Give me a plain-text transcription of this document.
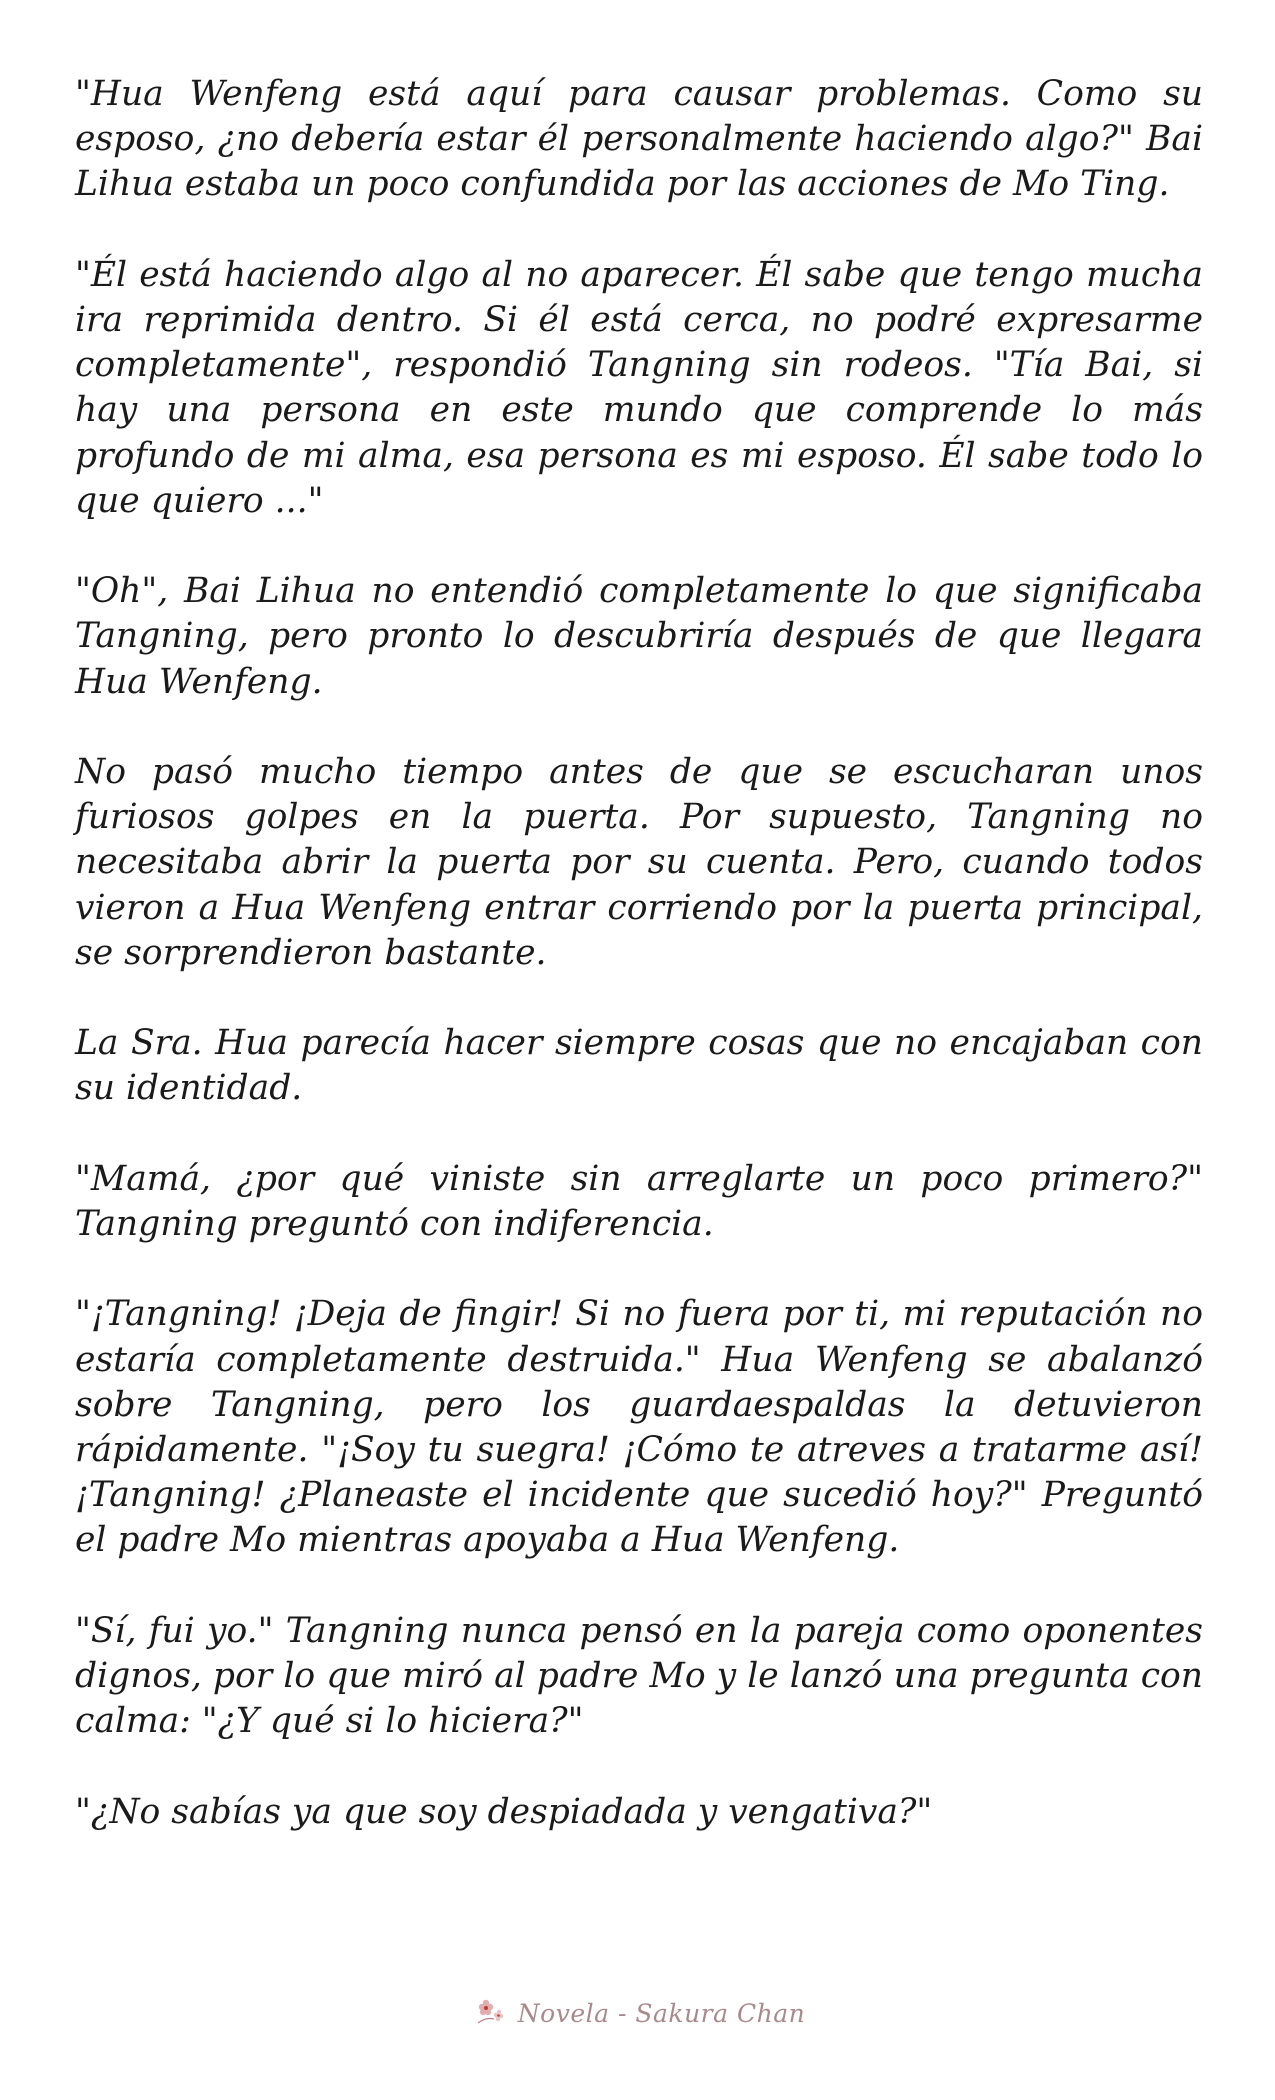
"Hua Wenfeng está aquí para causar problemas. Como su esposo, ¿no debería estar él personalmente haciendo algo?" Bai Lihua estaba un poco confundida por las acciones de Mo Ting.

"Él está haciendo algo al no aparecer. Él sabe que tengo mucha ira reprimida dentro. Si él está cerca, no podré expresarme completamente", respondió Tangning sin rodeos. "Tía Bai, si hay una persona en este mundo que comprende lo más profundo de mi alma, esa persona es mi esposo. Él sabe todo lo que quiero ..."

"Oh", Bai Lihua no entendió completamente lo que significaba Tangning, pero pronto lo descubriría después de que llegara Hua Wenfeng.

No pasó mucho tiempo antes de que se escucharan unos furiosos golpes en la puerta. Por supuesto, Tangning no necesitaba abrir la puerta por su cuenta. Pero, cuando todos vieron a Hua Wenfeng entrar corriendo por la puerta principal, se sorprendieron bastante.

La Sra. Hua parecía hacer siempre cosas que no encajaban con su identidad.

"Mamá, ¿por qué viniste sin arreglarte un poco primero?" Tangning preguntó con indiferencia.

"¡Tangning! ¡Deja de fingir! Si no fuera por ti, mi reputación no estaría completamente destruida." Hua Wenfeng se abalanzó sobre Tangning, pero los guardaespaldas la detuvieron rápidamente. "¡Soy tu suegra! ¡Cómo te atreves a tratarme así! ¡Tangning! ¿Planeaste el incidente que sucedió hoy?" Preguntó el padre Mo mientras apoyaba a Hua Wenfeng.

"Sí, fui yo." Tangning nunca pensó en la pareja como oponentes dignos, por lo que miró al padre Mo y le lanzó una pregunta con calma: "¿Y qué si lo hiciera?"

"¿No sabías ya que soy despiadada y vengativa?"

Novela - Sakura Chan
